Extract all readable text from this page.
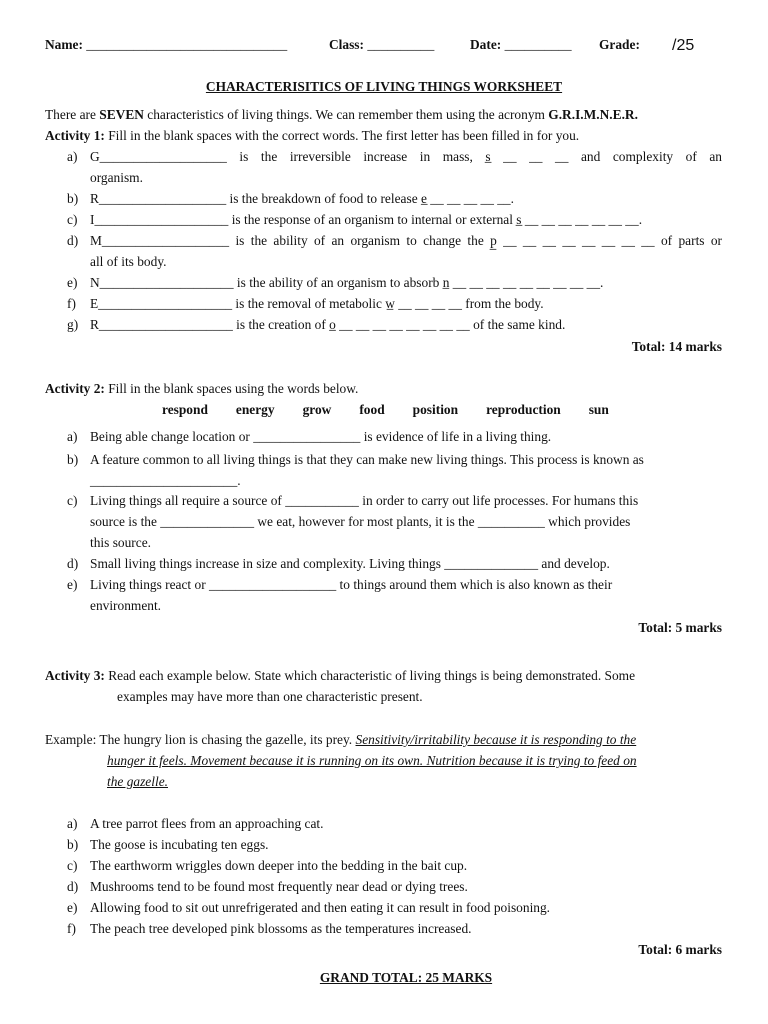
Name: ______________________________	Class: __________	Date: __________ Grade: /25
CHARACTERISITICS OF LIVING THINGS WORKSHEET
There are SEVEN characteristics of living things. We can remember them using the acronym G.R.I.M.N.E.R.
Activity 1: Fill in the blank spaces with the correct words. The first letter has been filled in for you.
a) G___________________ is the irreversible increase in mass, s̲ __ __ __ and complexity of an
organism.
b) R___________________ is the breakdown of food to release e̲ __ __ __ __ __.
c) I____________________ is the response of an organism to internal or external s̲ __ __ __ __ __ __ __.
d) M___________________ is the ability of an organism to change the p̲ __ __ __ __ __ __ __ __ of parts or
all of its body.
e) N____________________ is the ability of an organism to absorb n̲ __ __ __ __ __ __ __ __ __.
f) E____________________ is the removal of metabolic w̲ __ __ __ __ from the body.
g) R____________________ is the creation of o̲ __ __ __ __ __ __ __ __ of the same kind.
Total: 14 marks
Activity 2: Fill in the blank spaces using the words below.
respond energy grow food position reproduction sun
a) Being able change location or ________________ is evidence of life in a living thing.
b) A feature common to all living things is that they can make new living things. This process is known as
______________________.
c) Living things all require a source of ___________ in order to carry out life processes. For humans this
source is the ______________ we eat, however for most plants, it is the __________ which provides
this source.
d) Small living things increase in size and complexity. Living things ______________ and develop.
e) Living things react or ___________________ to things around them which is also known as their
environment.
Total: 5 marks
Activity 3: Read each example below. State which characteristic of living things is being demonstrated. Some
examples may have more than one characteristic present.
Example: The hungry lion is chasing the gazelle, its prey. Sensitivity/irritability because it is responding to the
hunger it feels. Movement because it is running on its own. Nutrition because it is trying to feed on
the gazelle.
a) A tree parrot flees from an approaching cat.
b) The goose is incubating ten eggs.
c) The earthworm wriggles down deeper into the bedding in the bait cup.
d) Mushrooms tend to be found most frequently near dead or dying trees.
e) Allowing food to sit out unrefrigerated and then eating it can result in food poisoning.
f) The peach tree developed pink blossoms as the temperatures increased.
Total: 6 marks
GRAND TOTAL: 25 MARKS
